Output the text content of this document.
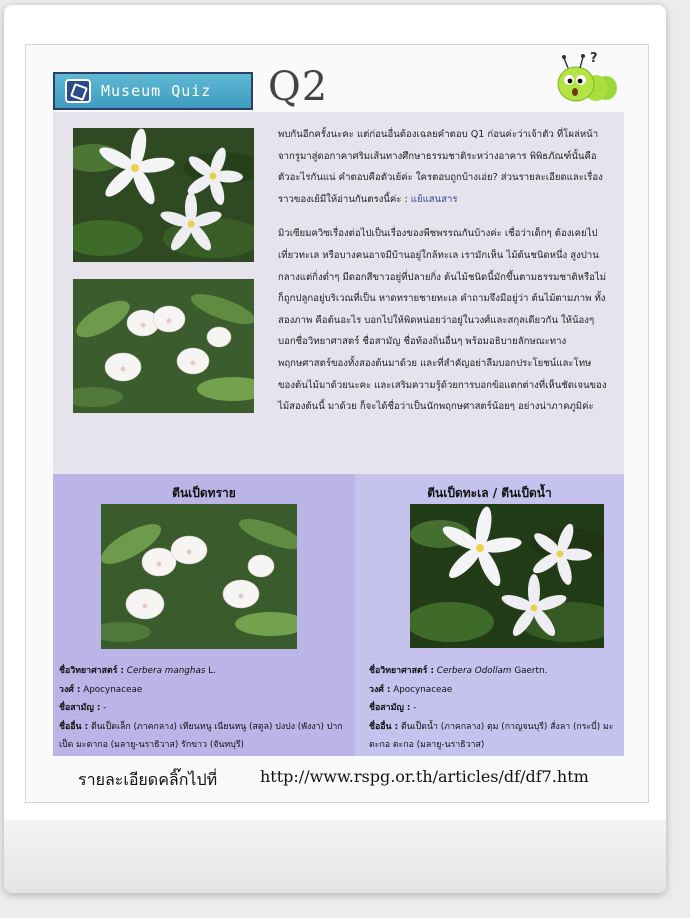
Museum Quiz Q2
?

พบกันอีกครั้งนะคะ แต่ก่อนอื่นต้องเฉลยคำตอบ Q1 ก่อนค่ะว่าเจ้าตัว ที่โผล่หน้าจากรูมาสู่ดอกาคาศริมเส้นทางศึกษาธรรมชาติระหว่างอาคาร พิพิธภัณฑ์นั้นคือตัวอะไรกันแน่ คำตอบคือตัวเย้ค่ะ ใครตอบถูกบ้างเอ่ย? ส่วนรายละเอียดและเรื่องราวของเย้มีให้อ่านกันตรงนี้ค่ะ : แย้แสนสาร

มิวเซียมควิซเรื่องต่อไปเป็นเรื่องของพืชพรรณกันบ้างค่ะ เชื่อว่าเด็กๆ ต้องเคยไปเที่ยวทะเล หรือบางคนอาจมีบ้านอยู่ใกล้ทะเล เรามักเห็น ไม้ต้นชนิดหนึ่ง สูงปานกลางแต่กิ่งต่ำๆ มีดอกสีขาวอยู่ที่ปลายกิ่ง ต้นไม้ชนิดนี้มักขึ้นตามธรรมชาติหรือไม่ก็ถูกปลูกอยู่บริเวณที่เป็น หาดทรายชายทะเล คำถามจึงมีอยู่ว่า ต้นไม้ตามภาพ ทั้งสองภาพ คือต้นอะไร บอกไปให้พิดหน่อยว่าอยู่ในวงศ์และสกุลเดียวกัน ให้น้องๆ บอกชื่อวิทยาศาสตร์ ชื่อสามัญ ชื่อท้องถิ่นอื่นๆ พร้อมอธิบายลักษณะทางพฤกษศาสตร์ของทั้งสองต้นมาด้วย และที่สำคัญอย่าลืมบอกประโยชน์และโทษของต้นไม้มาด้วยนะคะ และเสริมความรู้ด้วยการบอกข้อแตกต่างที่เห็นชัดเจนของไม้สองต้นนี้ มาด้วย ก็จะได้ชื่อว่าเป็นนักพฤกษศาสตร์น้อยๆ อย่างน่าภาคภูมิค่ะ

ตีนเป็ดทราย
ชื่อวิทยาศาสตร์ : Cerbera manghas L.
วงศ์ : Apocynaceae
ชื่อสามัญ : -
ชื่ออื่น : ตีนเป็ดเล็ก (ภาคกลาง) เทียนหนู เนียนหนู (สตูล) ปงปง (พังงา) ปากเป็ด มะตากอ (มลายู-นราธิวาส) รักขาว (จันทบุรี)
ตีนเป็ดทะเล / ตีนเป็ดน้ำ
ชื่อวิทยาศาสตร์ : Cerbera Odollam Gaertn.
วงศ์ : Apocynaceae
ชื่อสามัญ : -
ชื่ออื่น : ตีนเป็ดน้ำ (ภาคกลาง) ตุม (กาญจนบุรี) สั่งลา (กระบี่) มะตะกอ ตะกอ (มลายู-นราธิวาส)
รายละเอียดคลิ๊กไปที่	http://www.rspg.or.th/articles/df/df7.htm
